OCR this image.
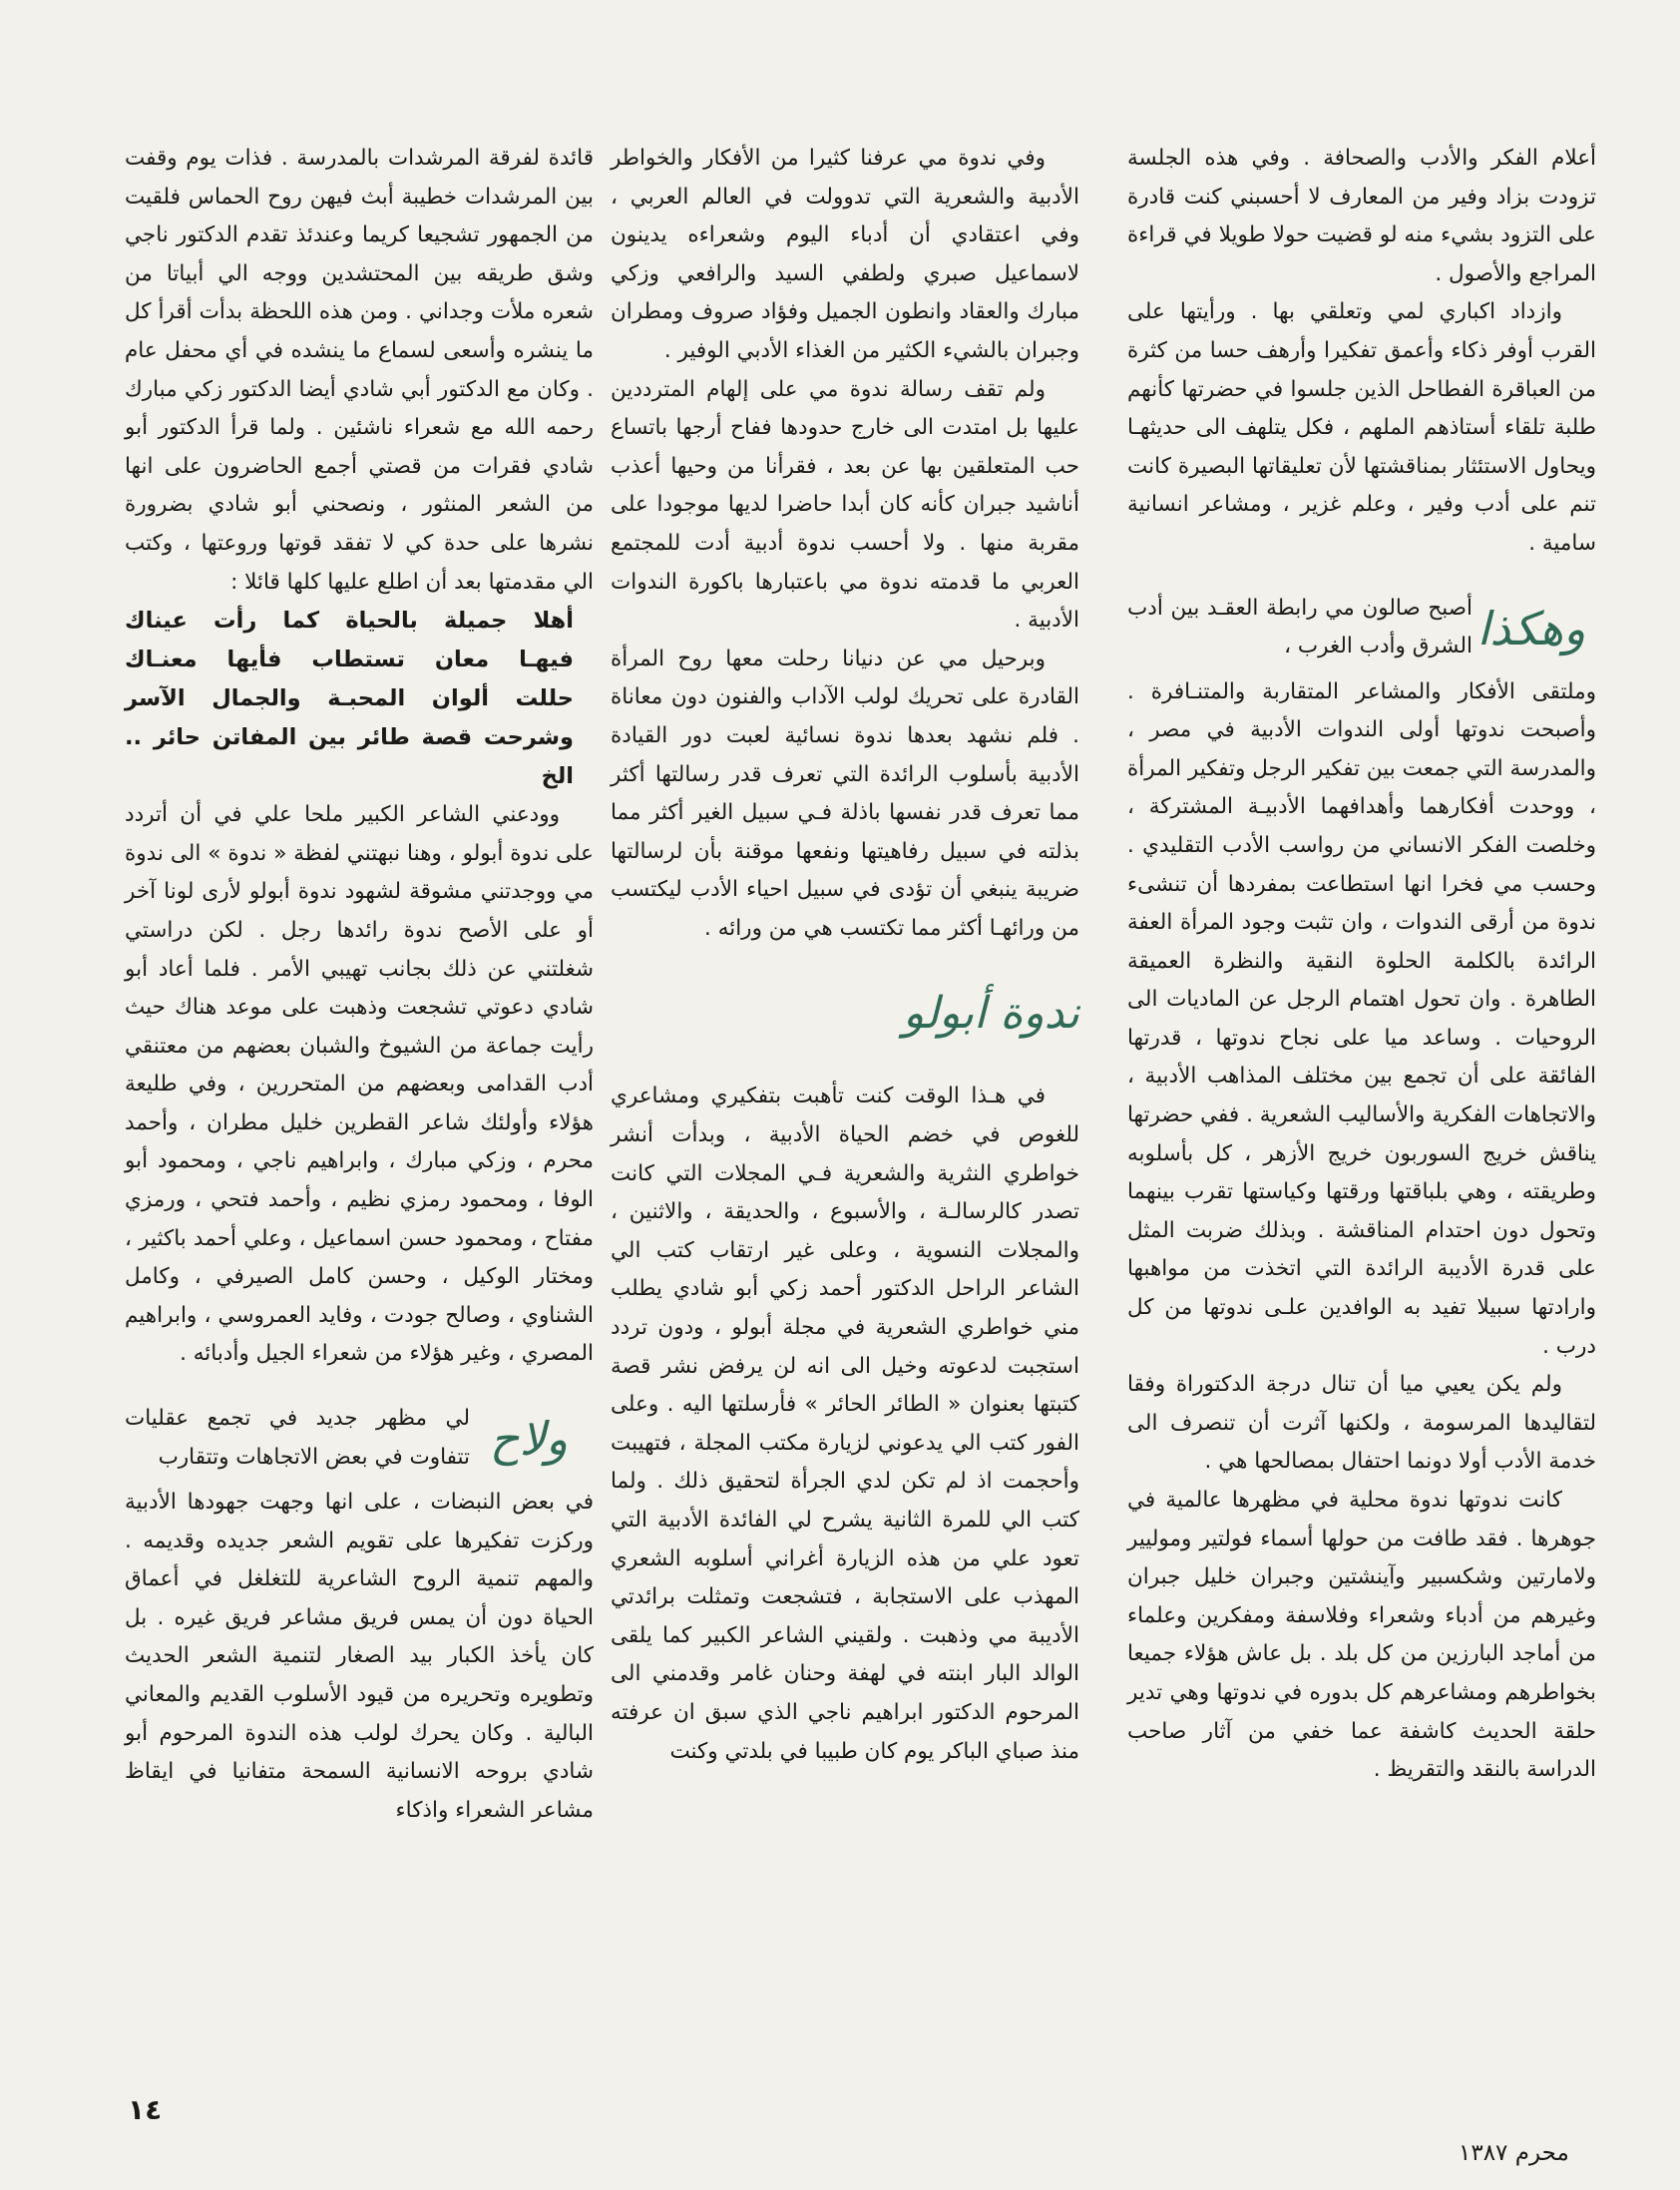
أعلام الفكر والأدب والصحافة . وفي هذه الجلسة تزودت بزاد وفير من المعارف لا أحسبني كنت قادرة على التزود بشيء منه لو قضيت حولا طويلا في قراءة المراجع والأصول .

وازداد اكباري لمي وتعلقي بها . ورأيتها على القرب أوفر ذكاء وأعمق تفكيرا وأرهف حسا من كثرة من العباقرة الفطاحل الذين جلسوا في حضرتها كأنهم طلبة تلقاء أستاذهم الملهم ، فكل يتلهف الى حديثهـا ويحاول الاستئثار بمناقشتها لأن تعليقاتها البصيرة كانت تنم على أدب وفير ، وعلم غزير ، ومشاعر انسانية سامية .

وهكذا
أصبح صالون مي رابطة العقـد بين أدب الشرق وأدب الغرب ،

وملتقى الأفكار والمشاعر المتقاربة والمتنـافرة . وأصبحت ندوتها أولى الندوات الأدبية في مصر ، والمدرسة التي جمعت بين تفكير الرجل وتفكير المرأة ، ووحدت أفكارهما وأهدافهما الأدبيـة المشتركة ، وخلصت الفكر الانساني من رواسب الأدب التقليدي . وحسب مي فخرا انها استطاعت بمفردها أن تنشىء ندوة من أرقى الندوات ، وان تثبت وجود المرأة العفة الرائدة بالكلمة الحلوة النقية والنظرة العميقة الطاهرة . وان تحول اهتمام الرجل عن الماديات الى الروحيات . وساعد ميا على نجاح ندوتها ، قدرتها الفائقة على أن تجمع بين مختلف المذاهب الأدبية ، والاتجاهات الفكرية والأساليب الشعرية . ففي حضرتها يناقش خريج السوربون خريج الأزهر ، كل بأسلوبه وطريقته ، وهي بلباقتها ورقتها وكياستها تقرب بينهما وتحول دون احتدام المناقشة . وبذلك ضربت المثل على قدرة الأديبة الرائدة التي اتخذت من مواهبها وارادتها سبيلا تفيد به الوافدين علـى ندوتها من كل درب .

ولم يكن يعيي ميا أن تنال درجة الدكتوراة وفقا لتقاليدها المرسومة ، ولكنها آثرت أن تنصرف الى خدمة الأدب أولا دونما احتفال بمصالحها هي .

كانت ندوتها ندوة محلية في مظهرها عالمية في جوهرها . فقد طافت من حولها أسماء فولتير وموليير ولامارتين وشكسبير وآينشتين وجبران خليل جبران وغيرهم من أدباء وشعراء وفلاسفة ومفكرين وعلماء من أماجد البارزين من كل بلد . بل عاش هؤلاء جميعا بخواطرهم ومشاعرهم كل بدوره في ندوتها وهي تدير حلقة الحديث كاشفة عما خفي من آثار صاحب الدراسة بالنقد والتقريظ .

وفي ندوة مي عرفنا كثيرا من الأفكار والخواطر الأدبية والشعرية التي تدوولت في العالم العربي ، وفي اعتقادي أن أدباء اليوم وشعراءه يدينون لاسماعيل صبري ولطفي السيد والرافعي وزكي مبارك والعقاد وانطون الجميل وفؤاد صروف ومطران وجبران بالشيء الكثير من الغذاء الأدبي الوفير .

ولم تقف رسالة ندوة مي على إلهام المترددين عليها بل امتدت الى خارج حدودها ففاح أرجها باتساع حب المتعلقين بها عن بعد ، فقرأنا من وحيها أعذب أناشيد جبران كأنه كان أبدا حاضرا لديها موجودا على مقربة منها . ولا أحسب ندوة أدبية أدت للمجتمع العربي ما قدمته ندوة مي باعتبارها باكورة الندوات الأدبية .

وبرحيل مي عن دنيانا رحلت معها روح المرأة القادرة على تحريك لولب الآداب والفنون دون معاناة . فلم نشهد بعدها ندوة نسائية لعبت دور القيادة الأدبية بأسلوب الرائدة التي تعرف قدر رسالتها أكثر مما تعرف قدر نفسها باذلة فـي سبيل الغير أكثر مما بذلته في سبيل رفاهيتها ونفعها موقنة بأن لرسالتها ضريبة ينبغي أن تؤدى في سبيل احياء الأدب ليكتسب من ورائهـا أكثر مما تكتسب هي من ورائه .

ندوة أبولو

في هـذا الوقت كنت تأهبت بتفكيري ومشاعري للغوص في خضم الحياة الأدبية ، وبدأت أنشر خواطري النثرية والشعرية فـي المجلات التي كانت تصدر كالرسالـة ، والأسبوع ، والحديقة ، والاثنين ، والمجلات النسوية ، وعلى غير ارتقاب كتب الي الشاعر الراحل الدكتور أحمد زكي أبو شادي يطلب مني خواطري الشعرية في مجلة أبولو ، ودون تردد استجبت لدعوته وخيل الى انه لن يرفض نشر قصة كتبتها بعنوان « الطائر الحائر » فأرسلتها اليه . وعلى الفور كتب الي يدعوني لزيارة مكتب المجلة ، فتهيبت وأحجمت اذ لم تكن لدي الجرأة لتحقيق ذلك . ولما كتب الي للمرة الثانية يشرح لي الفائدة الأدبية التي تعود علي من هذه الزيارة أغراني أسلوبه الشعري المهذب على الاستجابة ، فتشجعت وتمثلت برائدتي الأديبة مي وذهبت . ولقيني الشاعر الكبير كما يلقى الوالد البار ابنته في لهفة وحنان غامر وقدمني الى المرحوم الدكتور ابراهيم ناجي الذي سبق ان عرفته منذ صباي الباكر يوم كان طبيبا في بلدتي وكنت

قائدة لفرقة المرشدات بالمدرسة . فذات يوم وقفت بين المرشدات خطيبة أبث فيهن روح الحماس فلقيت من الجمهور تشجيعا كريما وعندئذ تقدم الدكتور ناجي وشق طريقه بين المحتشدين ووجه الي أبياتا من شعره ملأت وجداني . ومن هذه اللحظة بدأت أقرأ كل ما ينشره وأسعى لسماع ما ينشده في أي محفل عام . وكان مع الدكتور أبي شادي أيضا الدكتور زكي مبارك رحمه الله مع شعراء ناشئين . ولما قرأ الدكتور أبو شادي فقرات من قصتي أجمع الحاضرون على انها من الشعر المنثور ، ونصحني أبو شادي بضرورة نشرها على حدة كي لا تفقد قوتها وروعتها ، وكتب الي مقدمتها بعد أن اطلع عليها كلها قائلا :

أهلا جميلة بالحياة كما رأت عيناك

فيهـا معان تستطاب فأيها معنـاك

حللت ألوان المحبـة والجمال الآسر

وشرحت قصة طائر بين المفاتن حائر .. الخ

وودعني الشاعر الكبير ملحا علي في أن أتردد على ندوة أبولو ، وهنا نبهتني لفظة « ندوة » الى ندوة مي ووجدتني مشوقة لشهود ندوة أبولو لأرى لونا آخر أو على الأصح ندوة رائدها رجل . لكن دراستي شغلتني عن ذلك بجانب تهيبي الأمر . فلما أعاد أبو شادي دعوتي تشجعت وذهبت على موعد هناك حيث رأيت جماعة من الشيوخ والشبان بعضهم من معتنقي أدب القدامى وبعضهم من المتحررين ، وفي طليعة هؤلاء وأولئك شاعر القطرين خليل مطران ، وأحمد محرم ، وزكي مبارك ، وابراهيم ناجي ، ومحمود أبو الوفا ، ومحمود رمزي نظيم ، وأحمد فتحي ، ورمزي مفتاح ، ومحمود حسن اسماعيل ، وعلي أحمد باكثير ، ومختار الوكيل ، وحسن كامل الصيرفي ، وكامل الشناوي ، وصالح جودت ، وفايد العمروسي ، وابراهيم المصري ، وغير هؤلاء من شعراء الجيل وأدبائه .

ولاح
لي مظهر جديد في تجمع عقليات تتفاوت في بعض الاتجاهات وتتقارب

في بعض النبضات ، على انها وجهت جهودها الأدبية وركزت تفكيرها على تقويم الشعر جديده وقديمه . والمهم تنمية الروح الشاعرية للتغلغل في أعماق الحياة دون أن يمس فريق مشاعر فريق غيره . بل كان يأخذ الكبار بيد الصغار لتنمية الشعر الحديث وتطويره وتحريره من قيود الأسلوب القديم والمعاني البالية . وكان يحرك لولب هذه الندوة المرحوم أبو شادي بروحه الانسانية السمحة متفانيا في ايقاظ مشاعر الشعراء واذكاء

١٤
محرم ١٣٨٧
